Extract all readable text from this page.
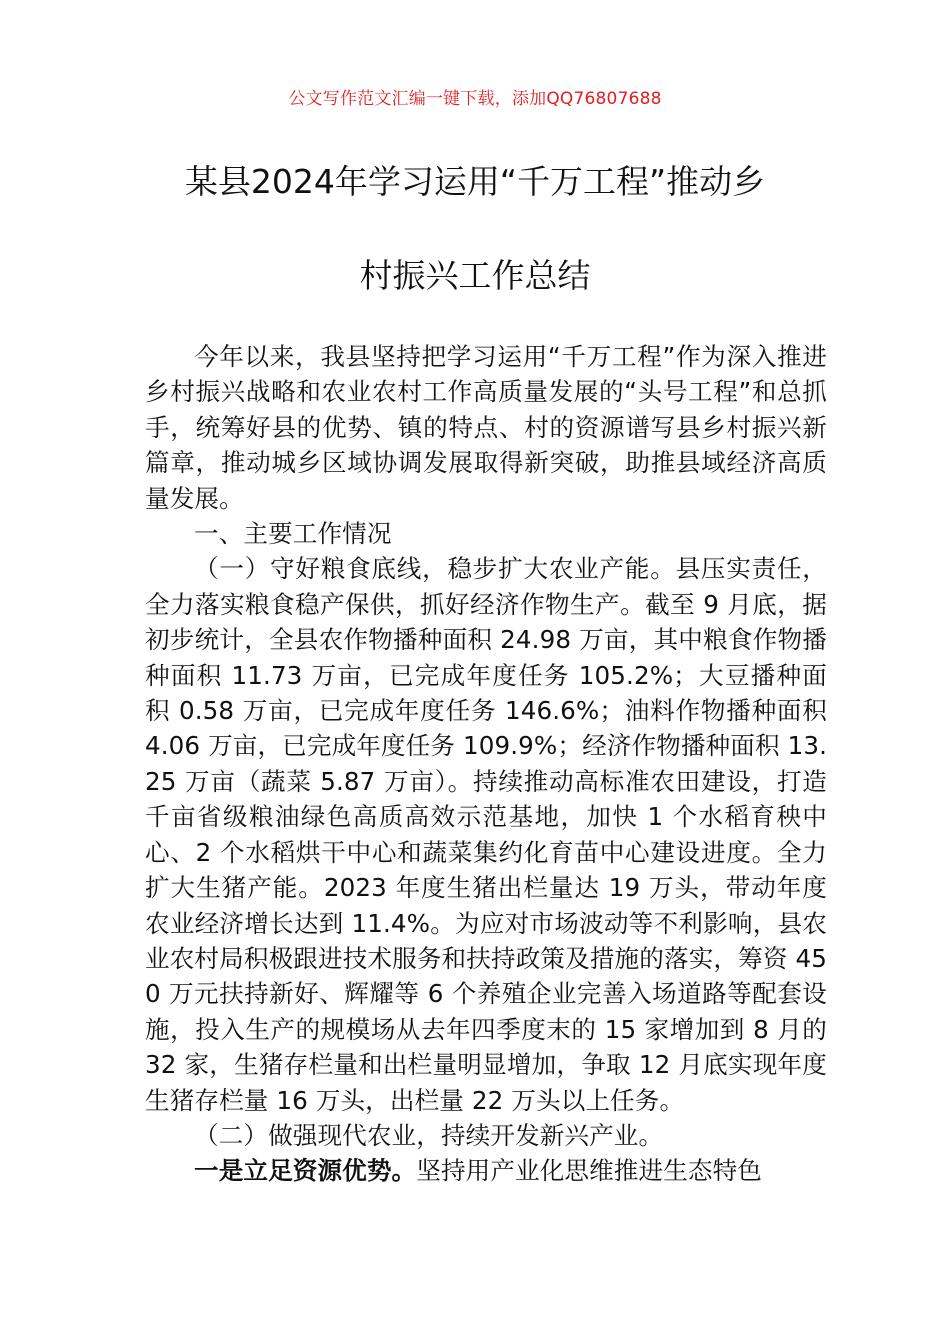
公文写作范文汇编一键下载，添加QQ76807688
某县2024年学习运用“千万工程”推动乡
村振兴工作总结

今年以来，我县坚持把学习运用“千万工程”作为深入推进乡村振兴战略和农业农村工作高质量发展的“头号工程”和总抓手，统筹好县的优势、镇的特点、村的资源谱写县乡村振兴新篇章，推动城乡区域协调发展取得新突破，助推县域经济高质量发展。

一、主要工作情况

（一）守好粮食底线，稳步扩大农业产能。县压实责任，全力落实粮食稳产保供，抓好经济作物生产。截至 9 月底，据初步统计，全县农作物播种面积 24.98 万亩，其中粮食作物播种面积 11.73 万亩，已完成年度任务 105.2%；大豆播种面积 0.58 万亩，已完成年度任务 146.6%；油料作物播种面积 4.06 万亩，已完成年度任务 109.9%；经济作物播种面积 13.25 万亩（蔬菜 5.87 万亩）。持续推动高标准农田建设，打造千亩省级粮油绿色高质高效示范基地，加快 1 个水稻育秧中心、2 个水稻烘干中心和蔬菜集约化育苗中心建设进度。全力扩大生猪产能。2023 年度生猪出栏量达 19 万头，带动年度农业经济增长达到 11.4%。为应对市场波动等不利影响，县农业农村局积极跟进技术服务和扶持政策及措施的落实，筹资 450 万元扶持新好、辉耀等 6 个养殖企业完善入场道路等配套设施，投入生产的规模场从去年四季度末的 15 家增加到 8 月的 32 家，生猪存栏量和出栏量明显增加，争取 12 月底实现年度生猪存栏量 16 万头，出栏量 22 万头以上任务。

（二）做强现代农业，持续开发新兴产业。

一是立足资源优势。坚持用产业化思维推进生态特色
